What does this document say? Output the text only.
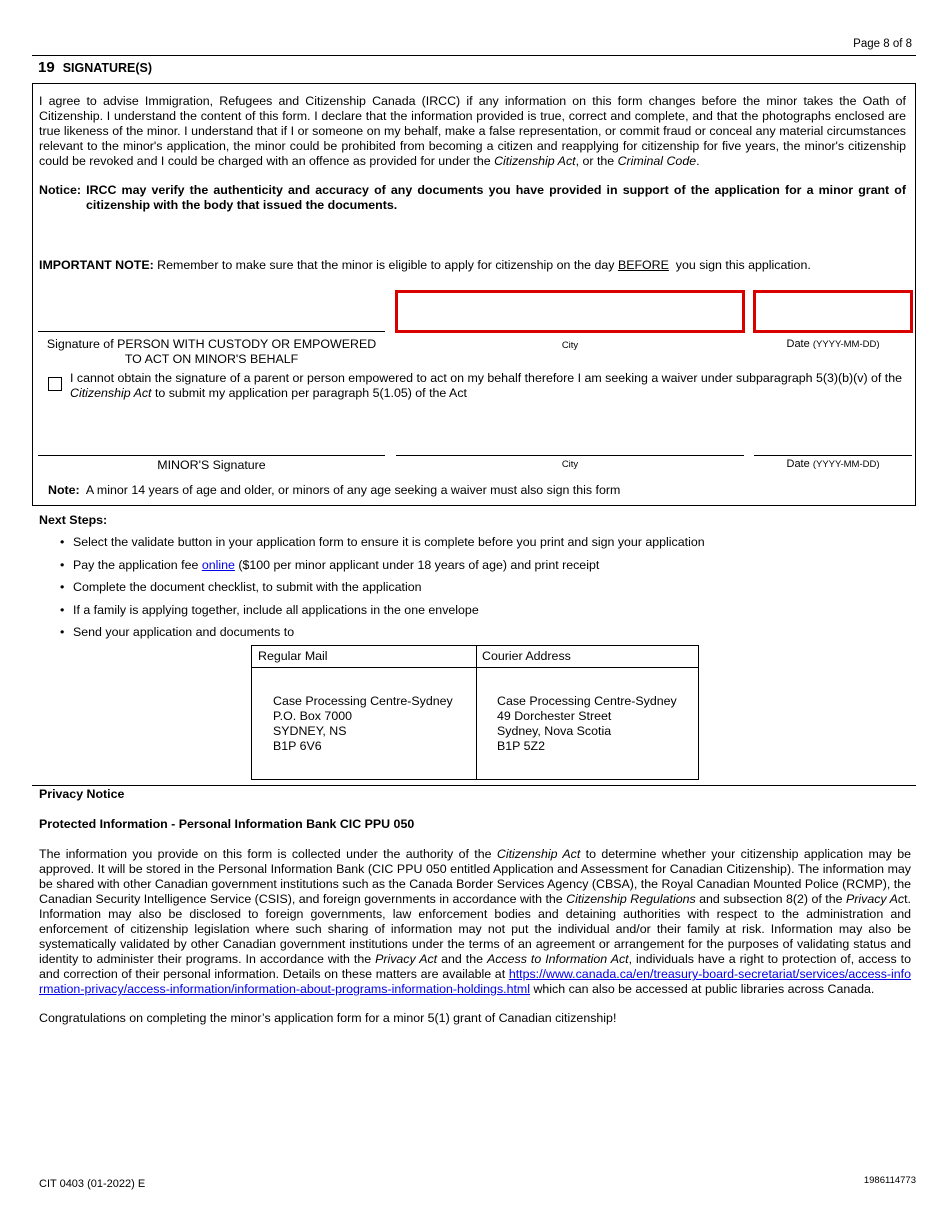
Page 8 of 8
19 SIGNATURE(S)
I agree to advise Immigration, Refugees and Citizenship Canada (IRCC) if any information on this form changes before the minor takes the Oath of Citizenship. I understand the content of this form. I declare that the information provided is true, correct and complete, and that the photographs enclosed are true likeness of the minor. I understand that if I or someone on my behalf, make a false representation, or commit fraud or conceal any material circumstances relevant to the minor's application, the minor could be prohibited from becoming a citizen and reapplying for citizenship for five years, the minor's citizenship could be revoked and I could be charged with an offence as provided for under the Citizenship Act, or the Criminal Code.
Notice: IRCC may verify the authenticity and accuracy of any documents you have provided in support of the application for a minor grant of citizenship with the body that issued the documents.
IMPORTANT NOTE: Remember to make sure that the minor is eligible to apply for citizenship on the day BEFORE you sign this application.
Signature of PERSON WITH CUSTODY OR EMPOWERED
TO ACT ON MINOR'S BEHALF
City	Date (YYYY-MM-DD)
I cannot obtain the signature of a parent or person empowered to act on my behalf therefore I am seeking a waiver under subparagraph 5(3)(b)(v) of the
Citizenship Act to submit my application per paragraph 5(1.05) of the Act
MINOR'S Signature	City	Date (YYYY-MM-DD)
Note: A minor 14 years of age and older, or minors of any age seeking a waiver must also sign this form
Next Steps:
• Select the validate button in your application form to ensure it is complete before you print and sign your application
• Pay the application fee online ($100 per minor applicant under 18 years of age) and print receipt
• Complete the document checklist, to submit with the application
• If a family is applying together, include all applications in the one envelope
• Send your application and documents to
Regular Mail
Case Processing Centre-Sydney
P.O. Box 7000
SYDNEY, NS
B1P 6V6
Courier Address
Case Processing Centre-Sydney
49 Dorchester Street
Sydney, Nova Scotia
B1P 5Z2
Privacy Notice
Protected Information - Personal Information Bank CIC PPU 050
The information you provide on this form is collected under the authority of the Citizenship Act to determine whether your citizenship application may be approved. It will be stored in the Personal Information Bank (CIC PPU 050 entitled Application and Assessment for Canadian Citizenship). The information may be shared with other Canadian government institutions such as the Canada Border Services Agency (CBSA), the Royal Canadian Mounted Police (RCMP), the Canadian Security Intelligence Service (CSIS), and foreign governments in accordance with the Citizenship Regulations and subsection 8(2) of the Privacy Act. Information may also be disclosed to foreign governments, law enforcement bodies and detaining authorities with respect to the administration and enforcement of citizenship legislation where such sharing of information may not put the individual and/or their family at risk. Information may also be systematically validated by other Canadian government institutions under the terms of an agreement or arrangement for the purposes of validating status and identity to administer their programs. In accordance with the Privacy Act and the Access to Information Act, individuals have a right to protection of, access to and correction of their personal information. Details on these matters are available at https://www.canada.ca/en/treasury-board-secretariat/services/access-information-privacy/access-information/information-about-programs-information-holdings.html which can also be accessed at public libraries across Canada.
Congratulations on completing the minor’s application form for a minor 5(1) grant of Canadian citizenship!
CIT 0403 (01-2022) E	1986114773
